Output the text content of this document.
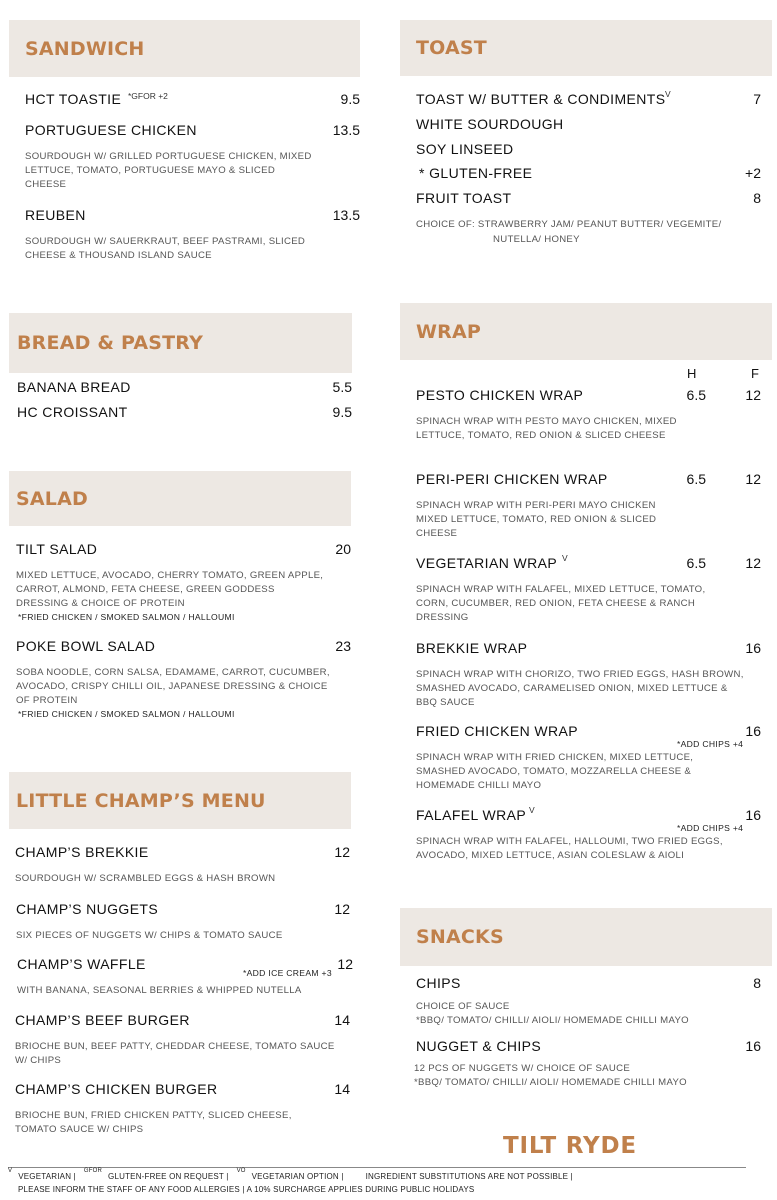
SANDWICH
HCT TOASTIE *GFOR +2	9.5
PORTUGUESE CHICKEN	13.5
SOURDOUGH W/ GRILLED PORTUGUESE CHICKEN, MIXED LETTUCE, TOMATO, PORTUGUESE MAYO & SLICED CHEESE
REUBEN	13.5
SOURDOUGH W/ SAUERKRAUT, BEEF PASTRAMI, SLICED CHEESE & THOUSAND ISLAND SAUCE
TOAST
TOAST W/ BUTTER & CONDIMENTS V	7
WHITE SOURDOUGH
SOY LINSEED
* GLUTEN-FREE	+2
FRUIT TOAST	8
CHOICE OF: STRAWBERRY JAM/ PEANUT BUTTER/ VEGEMITE/
NUTELLA/ HONEY
BREAD & PASTRY
BANANA BREAD	5.5
HC CROISSANT	9.5
WRAP
H	F
PESTO CHICKEN WRAP	6.5	12
SPINACH WRAP WITH PESTO MAYO CHICKEN, MIXED LETTUCE, TOMATO, RED ONION & SLICED CHEESE
PERI-PERI CHICKEN WRAP	6.5	12
SPINACH WRAP WITH PERI-PERI MAYO CHICKEN MIXED LETTUCE, TOMATO, RED ONION & SLICED CHEESE
VEGETARIAN WRAP V	6.5	12
SPINACH WRAP WITH FALAFEL, MIXED LETTUCE, TOMATO, CORN, CUCUMBER, RED ONION, FETA CHEESE & RANCH DRESSING
BREKKIE WRAP	16
SPINACH WRAP WITH CHORIZO, TWO FRIED EGGS, HASH BROWN, SMASHED AVOCADO, CARAMELISED ONION, MIXED LETTUCE & BBQ SAUCE
FRIED CHICKEN WRAP	16
*ADD CHIPS +4
SPINACH WRAP WITH FRIED CHICKEN, MIXED LETTUCE, SMASHED AVOCADO, TOMATO, MOZZARELLA CHEESE & HOMEMADE CHILLI MAYO
FALAFEL WRAP V	16
*ADD CHIPS +4
SPINACH WRAP WITH FALAFEL, HALLOUMI, TWO FRIED EGGS, AVOCADO, MIXED LETTUCE, ASIAN COLESLAW & AIOLI
SALAD
TILT SALAD	20
MIXED LETTUCE, AVOCADO, CHERRY TOMATO, GREEN APPLE, CARROT, ALMOND, FETA CHEESE, GREEN GODDESS DRESSING & CHOICE OF PROTEIN
*FRIED CHICKEN / SMOKED SALMON / HALLOUMI
POKE BOWL SALAD	23
SOBA NOODLE, CORN SALSA, EDAMAME, CARROT, CUCUMBER, AVOCADO, CRISPY CHILLI OIL, JAPANESE DRESSING & CHOICE OF PROTEIN
*FRIED CHICKEN / SMOKED SALMON / HALLOUMI
LITTLE CHAMP’S MENU
CHAMP’S BREKKIE	12
SOURDOUGH W/ SCRAMBLED EGGS & HASH BROWN
CHAMP’S NUGGETS	12
SIX PIECES OF NUGGETS W/ CHIPS & TOMATO SAUCE
CHAMP’S WAFFLE	12
*ADD ICE CREAM +3
WITH BANANA, SEASONAL BERRIES & WHIPPED NUTELLA
CHAMP’S BEEF BURGER	14
BRIOCHE BUN, BEEF PATTY, CHEDDAR CHEESE, TOMATO SAUCE W/ CHIPS
CHAMP’S CHICKEN BURGER	14
BRIOCHE BUN, FRIED CHICKEN PATTY, SLICED CHEESE, TOMATO SAUCE W/ CHIPS
SNACKS
CHIPS	8
CHOICE OF SAUCE
*BBQ/ TOMATO/ CHILLI/ AIOLI/ HOMEMADE CHILLI MAYO
NUGGET & CHIPS	16
12 PCS OF NUGGETS W/ CHOICE OF SAUCE
*BBQ/ TOMATO/ CHILLI/ AIOLI/ HOMEMADE CHILLI MAYO
TILT RYDE
$^V$VEGETARIAN $|^{GFOR}GLUTEN$-FREE ON REQUEST $|^{VO}VEGETARIAN$ OPTION |	INGREDIENT SUBSTITUTIONS ARE NOT POSSIBLE |
PLEASE INFORM THE STAFF OF ANY FOOD ALLERGIES | A 10% SURCHARGE APPLIES DURING PUBLIC HOLIDAYS
